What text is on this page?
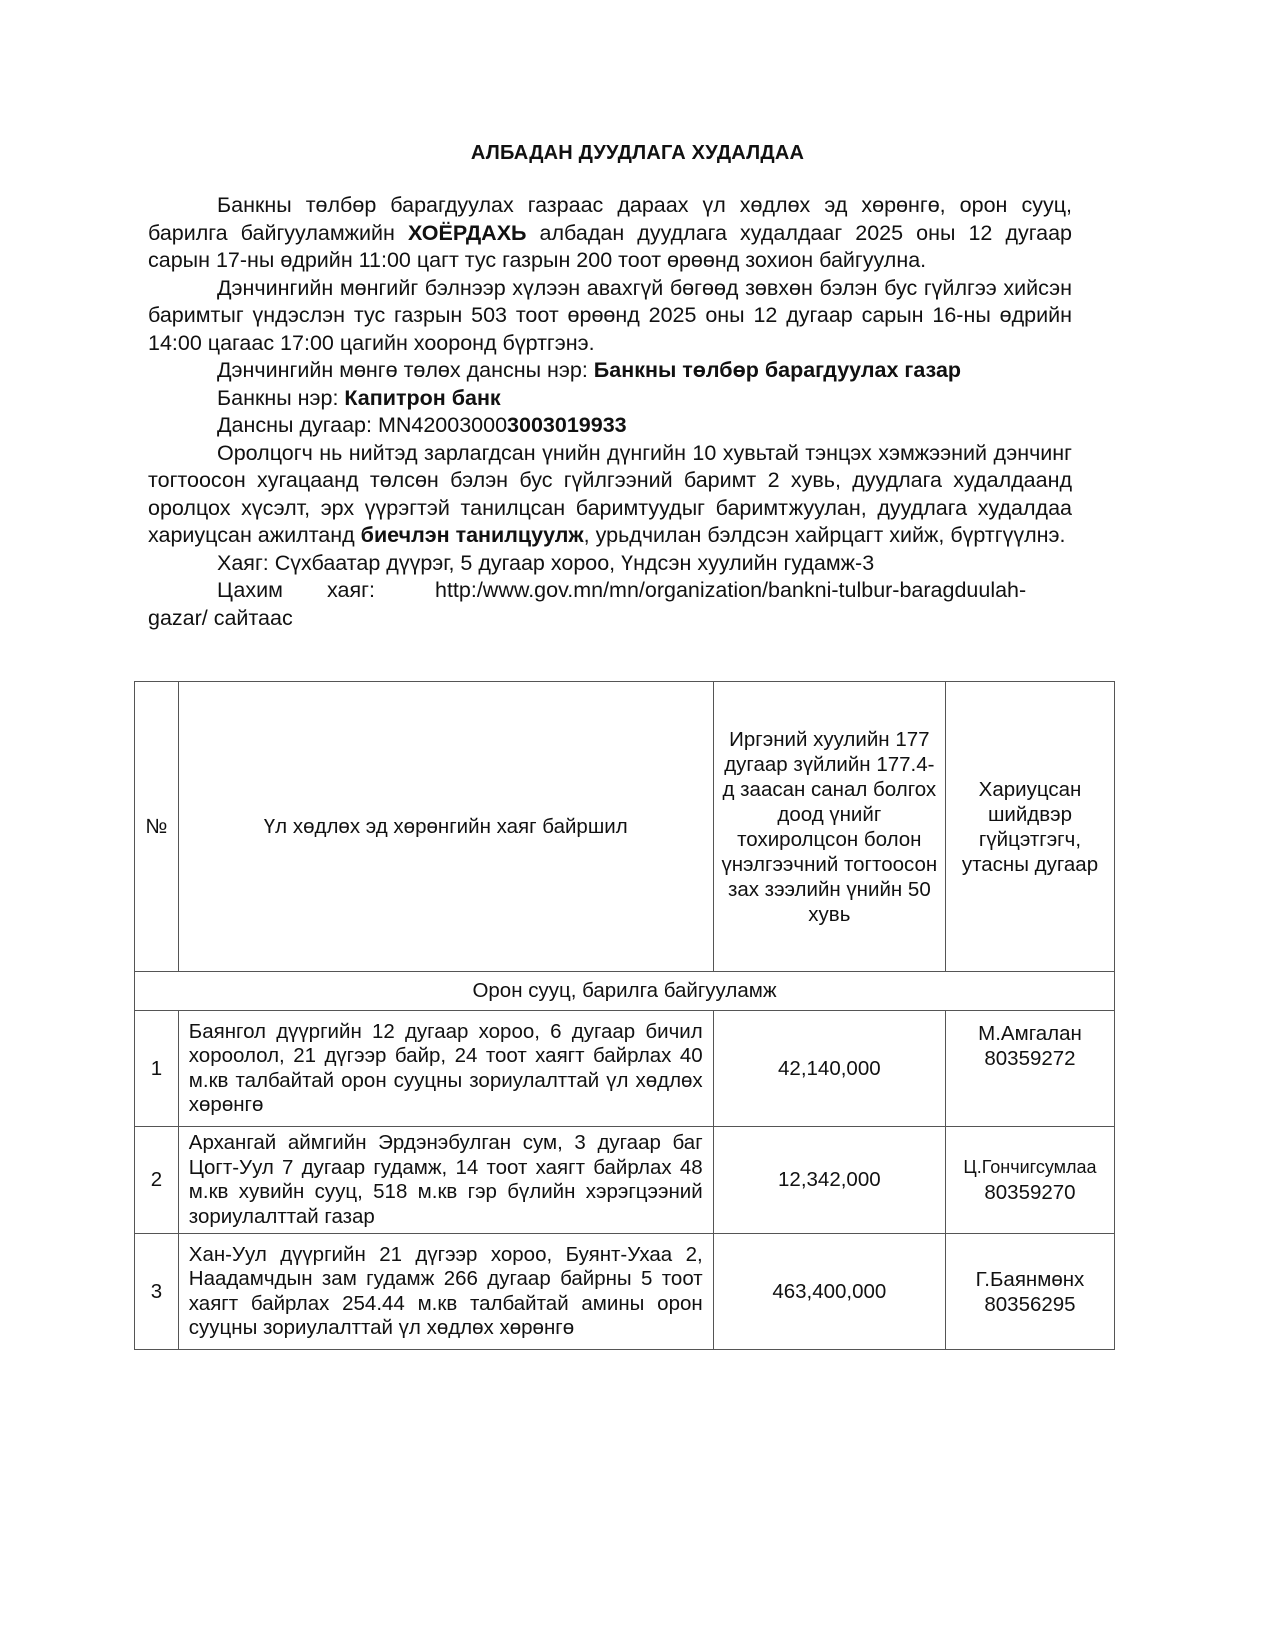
АЛБАДАН ДУУДЛАГА ХУДАЛДАА

Банкны төлбөр барагдуулах газраас дараах үл хөдлөх эд хөрөнгө, орон сууц, барилга байгууламжийн ХОЁРДАХЬ албадан дуудлага худалдааг 2025 оны 12 дугаар сарын 17-ны өдрийн 11:00 цагт тус газрын 200 тоот өрөөнд зохион байгуулна.

Дэнчингийн мөнгийг бэлнээр хүлээн авахгүй бөгөөд зөвхөн бэлэн бус гүйлгээ хийсэн баримтыг үндэслэн тус газрын 503 тоот өрөөнд 2025 оны 12 дугаар сарын 16-ны өдрийн 14:00 цагаас 17:00 цагийн хооронд бүртгэнэ.

Дэнчингийн мөнгө төлөх дансны нэр: Банкны төлбөр барагдуулах газар

Банкны нэр: Капитрон банк

Дансны дугаар: MN420030003003019933

Оролцогч нь нийтэд зарлагдсан үнийн дүнгийн 10 хувьтай тэнцэх хэмжээний дэнчинг тогтоосон хугацаанд төлсөн бэлэн бус гүйлгээний баримт 2 хувь, дуудлага худалдаанд оролцох хүсэлт, эрх үүрэгтэй танилцсан баримтуудыг баримтжуулан, дуудлага худалдаа хариуцсан ажилтанд биечлэн танилцуулж, урьдчилан бэлдсэн хайрцагт хийж, бүртгүүлнэ.

Хаяг: Сүхбаатар дүүрэг, 5 дугаар хороо, Үндсэн хуулийн гудамж-3

Цахим	хаяг:	http:/www.gov.mn/mn/organization/bankni-tulbur-baragduulah-

gazar/ сайтаас

№	Үл хөдлөх эд хөрөнгийн хаяг байршил	Иргэний хуулийн 177 дугаар зүйлийн 177.4-д заасан санал болгох доод үнийг тохиролцсон болон үнэлгээчний тогтоосон зах зээлийн үнийн 50 хувь	Хариуцсан шийдвэр гүйцэтгэгч, утасны дугаар
Орон сууц, барилга байгууламж			
1	Баянгол дүүргийн 12 дугаар хороо, 6 дугаар бичил хороолол, 21 дүгээр байр, 24 тоот хаягт байрлах 40 м.кв талбайтай орон сууцны зориулалттай үл хөдлөх хөрөнгө	42,140,000	М.Амгалан
80359272

2	Архангай аймгийн Эрдэнэбулган сум, 3 дугаар баг Цогт-Уул 7 дугаар гудамж, 14 тоот хаягт байрлах 48 м.кв хувийн сууц, 518 м.кв гэр бүлийн хэрэгцээний зориулалттай газар	12,342,000	Ц.Гончигсумлаа
80359270

3	Хан-Уул дүүргийн 21 дүгээр хороо, Буянт-Ухаа 2, Наадамчдын зам гудамж 266 дугаар байрны 5 тоот хаягт байрлах 254.44 м.кв талбайтай амины орон сууцны зориулалттай үл хөдлөх хөрөнгө	463,400,000	Г.Баянмөнх
80356295
